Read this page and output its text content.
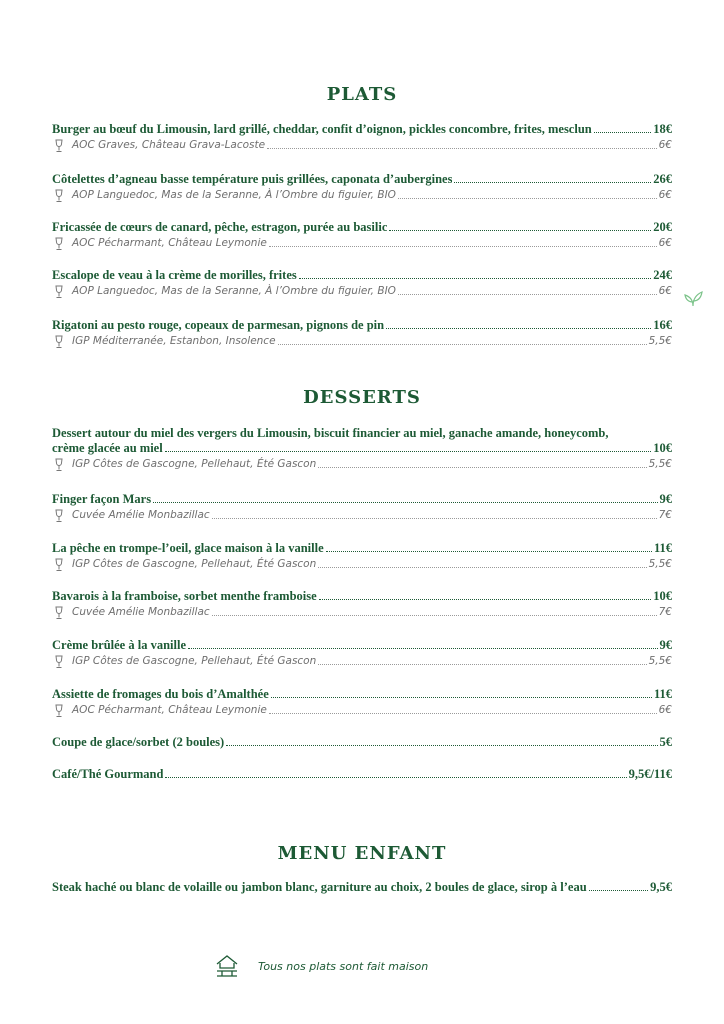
PLATS
Burger au bœuf du Limousin, lard grillé, cheddar, confit d’oignon, pickles concombre, frites, mesclun	18€
AOC Graves, Château Grava-Lacoste	6€
Côtelettes d’agneau basse température puis grillées, caponata d’aubergines	26€
AOP Languedoc, Mas de la Seranne, À l’Ombre du figuier, BIO	6€
Fricassée de cœurs de canard, pêche, estragon, purée au basilic	20€
AOC Pécharmant, Château Leymonie	6€
Escalope de veau à la crème de morilles, frites	24€
AOP Languedoc, Mas de la Seranne, À l’Ombre du figuier, BIO	6€
Rigatoni au pesto rouge, copeaux de parmesan, pignons de pin	16€
IGP Méditerranée, Estanbon, Insolence	5,5€
DESSERTS
Dessert autour du miel des vergers du Limousin, biscuit financier au miel, ganache amande, honeycomb,
crème glacée au miel	10€
IGP Côtes de Gascogne, Pellehaut, Été Gascon	5,5€
Finger façon Mars	9€
Cuvée Amélie Monbazillac	7€
La pêche en trompe-l’oeil, glace maison à la vanille	11€
IGP Côtes de Gascogne, Pellehaut, Été Gascon	5,5€
Bavarois à la framboise, sorbet menthe framboise	10€
Cuvée Amélie Monbazillac	7€
Crème brûlée à la vanille	9€
IGP Côtes de Gascogne, Pellehaut, Été Gascon	5,5€
Assiette de fromages du bois d’Amalthée	11€
AOC Pécharmant, Château Leymonie	6€
Coupe de glace/sorbet (2 boules)	5€
Café/Thé Gourmand	9,5€/11€
MENU ENFANT
Steak haché ou blanc de volaille ou jambon blanc, garniture au choix, 2 boules de glace, sirop à l’eau	9,5€
Tous nos plats sont fait maison
